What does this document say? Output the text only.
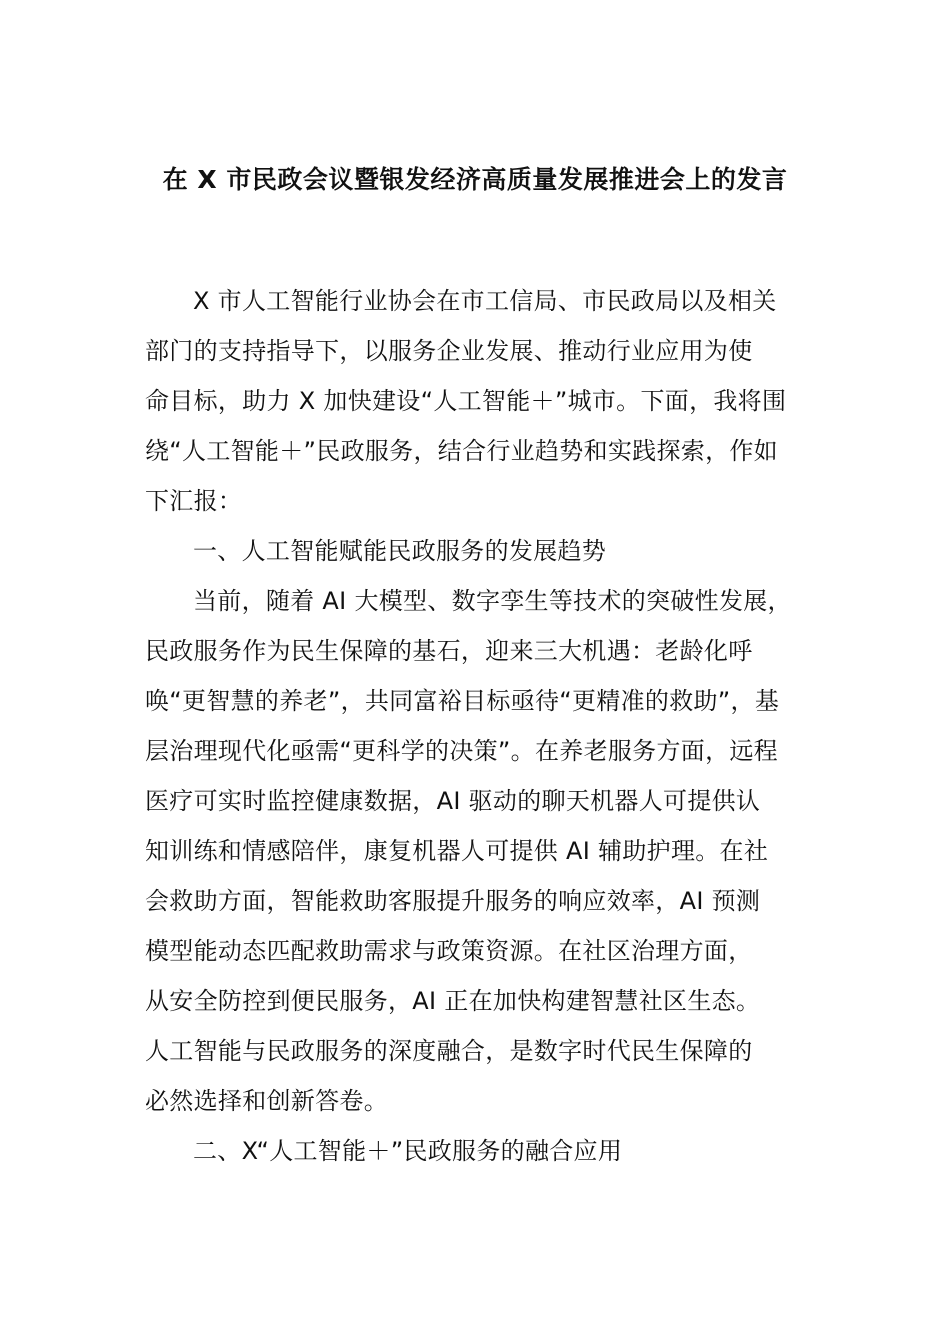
在 X 市民政会议暨银发经济高质量发展推进会上的发言
X 市人工智能行业协会在市工信局、市民政局以及相关
部门的支持指导下，以服务企业发展、推动行业应用为使
命目标，助力 X 加快建设“人工智能＋”城市。下面，我将围
绕“人工智能＋”民政服务，结合行业趋势和实践探索，作如
下汇报：
一、人工智能赋能民政服务的发展趋势
当前，随着 AI 大模型、数字孪生等技术的突破性发展，
民政服务作为民生保障的基石，迎来三大机遇：老龄化呼
唤“更智慧的养老”，共同富裕目标亟待“更精准的救助”，基
层治理现代化亟需“更科学的决策”。在养老服务方面，远程
医疗可实时监控健康数据，AI 驱动的聊天机器人可提供认
知训练和情感陪伴，康复机器人可提供 AI 辅助护理。在社
会救助方面，智能救助客服提升服务的响应效率，AI 预测
模型能动态匹配救助需求与政策资源。在社区治理方面，
从安全防控到便民服务，AI 正在加快构建智慧社区生态。
人工智能与民政服务的深度融合，是数字时代民生保障的
必然选择和创新答卷。
二、X“人工智能＋”民政服务的融合应用
